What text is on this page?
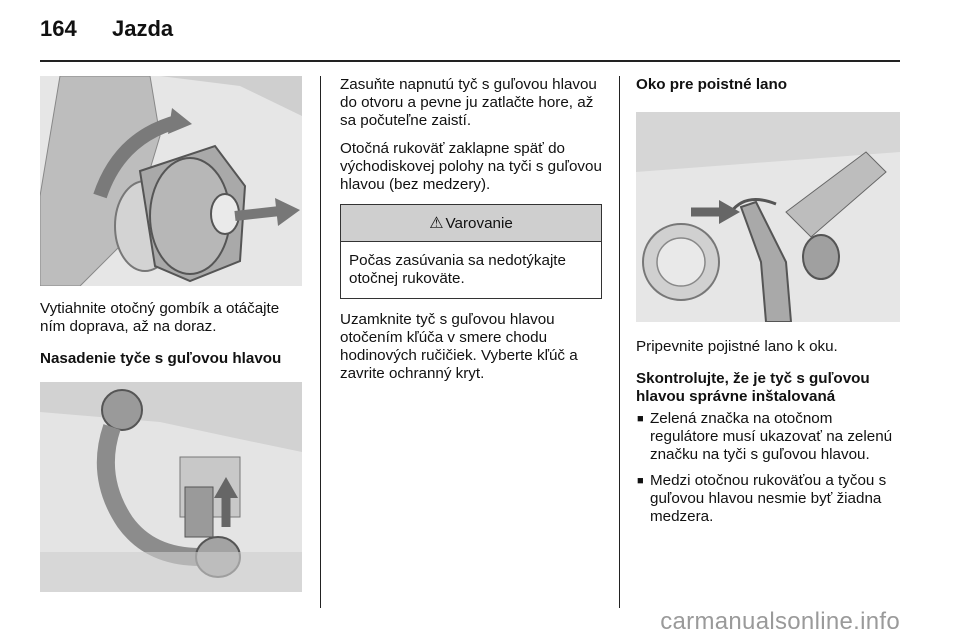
164	Jazda

Vytiahnite otočný gombík a otáčajte ním doprava, až na doraz.

Nasadenie tyče s guľovou hlavou

Zasuňte napnutú tyč s guľovou hlavou do otvoru a pevne ju zatlačte hore, až sa počuteľne zaistí.

Otočná rukoväť zaklapne späť do východiskovej polohy na tyči s guľovou hlavou (bez medzery).

⚠ Varovanie

Počas zasúvania sa nedotýkajte otočnej rukoväte.

Uzamknite tyč s guľovou hlavou otočením kľúča v smere chodu hodinových ručičiek. Vyberte kľúč a zavrite ochranný kryt.

Oko pre poistné lano

Pripevnite pojistné lano k oku.

Skontrolujte, že je tyč s guľovou hlavou správne inštalovaná

■ Zelená značka na otočnom regulátore musí ukazovať na zelenú značku na tyči s guľovou hlavou.
■ Medzi otočnou rukoväťou a tyčou s guľovou hlavou nesmie byť žiadna medzera.
carmanualsonline.info
